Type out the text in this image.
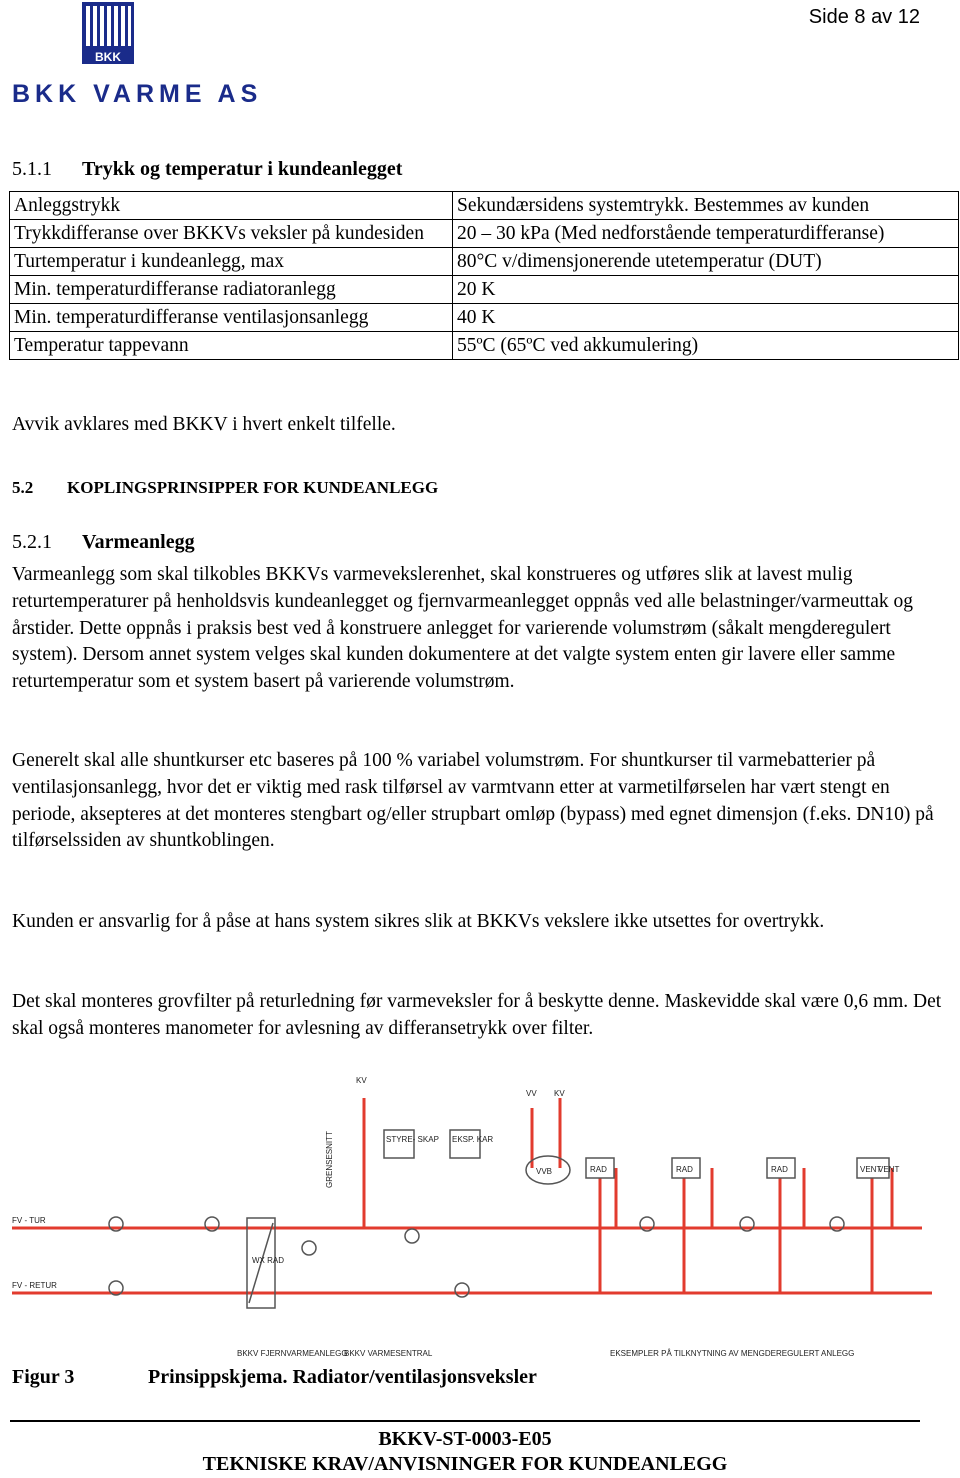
Side 8 av 12
BKK
BKK VARME AS
5.1.1 Trykk og temperatur i kundeanlegget
Anleggstrykk	Sekundærsidens systemtrykk. Bestemmes av kunden
Trykkdifferanse over BKKVs veksler på kundesiden	20 – 30 kPa (Med nedforstående temperaturdifferanse)
Turtemperatur i kundeanlegg, max	80°C v/dimensjonerende utetemperatur (DUT)
Min. temperaturdifferanse radiatoranlegg	20 K
Min. temperaturdifferanse ventilasjonsanlegg	40 K
Temperatur tappevann	55ºC (65ºC ved akkumulering)
Avvik avklares med BKKV i hvert enkelt tilfelle.
5.2 KOPLINGSPRINSIPPER FOR KUNDEANLEGG
5.2.1 Varmeanlegg
Varmeanlegg som skal tilkobles BKKVs varmevekslerenhet, skal konstrueres og utføres slik at lavest mulig returtemperaturer på henholdsvis kundeanlegget og fjernvarmeanlegget oppnås ved alle belastninger/varmeuttak og årstider. Dette oppnås i praksis best ved å konstruere anlegget for varierende volumstrøm (såkalt mengderegulert system). Dersom annet system velges skal kunden dokumentere at det valgte system enten gir lavere eller samme returtemperatur som et system basert på varierende volumstrøm.
Generelt skal alle shuntkurser etc baseres på 100 % variabel volumstrøm. For shuntkurser til varmebatterier på ventilasjonsanlegg, hvor det er viktig med rask tilførsel av varmtvann etter at varmetilførselen har vært stengt en periode, aksepteres at det monteres stengbart og/eller strupbart omløp (bypass) med egnet dimensjon (f.eks. DN10) på tilførselssiden av shuntkoblingen.
Kunden er ansvarlig for å påse at hans system sikres slik at BKKVs vekslere ikke utsettes for overtrykk.
Det skal monteres grovfilter på returledning før varmeveksler for å beskytte denne. Maskevidde skal være 0,6 mm. Det skal også monteres manometer for avlesning av differansetrykk over filter.
FV - TUR
FV - RETUR
KV
VV KV
STYRE- SKAP EKSP. KAR
VVB	RAD	RAD	RAD	VENT
VENT
WX RAD
GRENSESNITT
BKKV FJERNVARMEANLEGG
BKKV VARMESENTRAL	EKSEMPLER PÅ TILKNYTNING AV MENGDEREGULERT ANLEGG
Figur 3	Prinsippskjema. Radiator/ventilasjonsveksler
BKKV-ST-0003-E05
TEKNISKE KRAV/ANVISNINGER FOR KUNDEANLEGG
